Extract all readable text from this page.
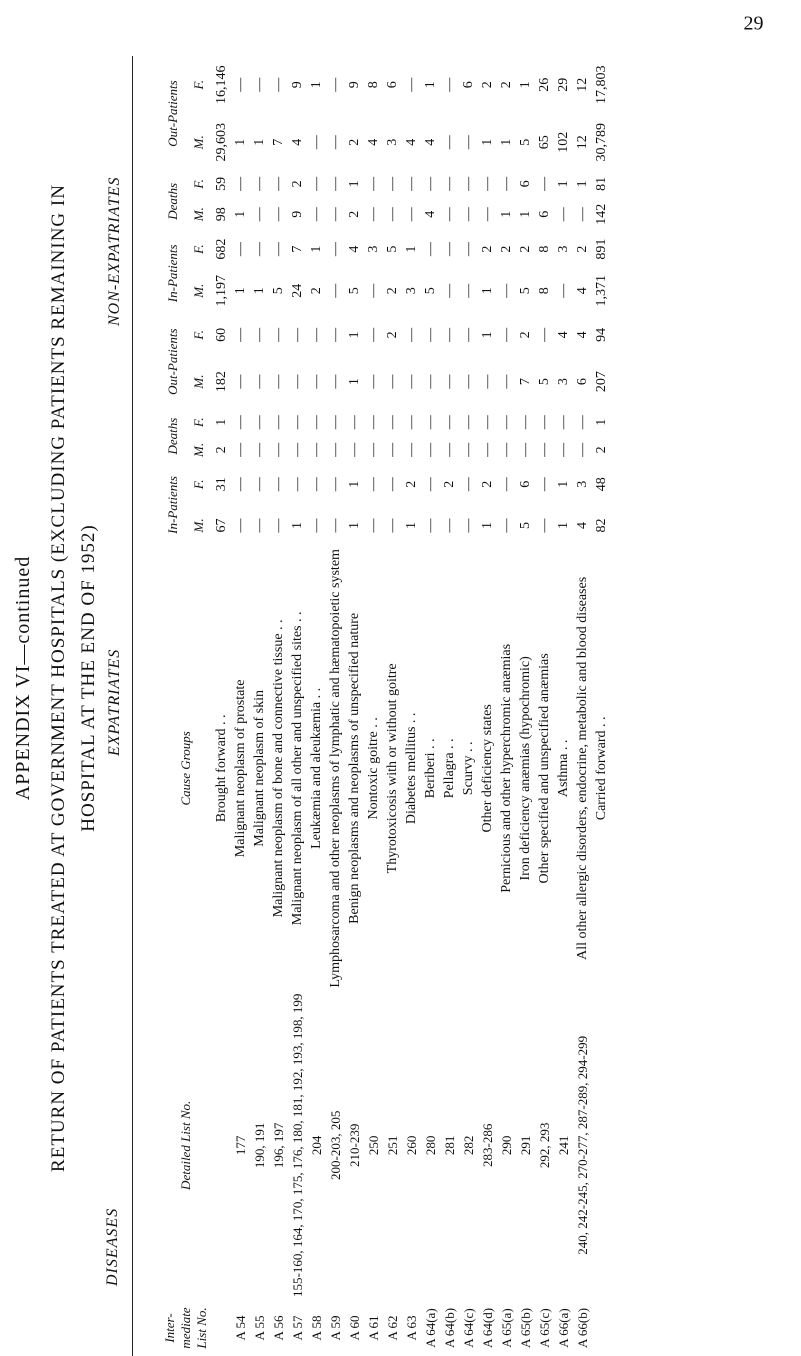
29
APPENDIX VI—continued RETURN OF PATIENTS TREATED AT GOVERNMENT HOSPITALS (EXCLUDING PATIENTS REMAINING IN HOSPITAL AT THE END OF 1952)
DISEASES
EXPATRIATES
NON-EXPATRIATES
Inter-mediate List No.	Detailed List No.	Cause Groups	In-Patients		Deaths		Out-Patients		In-Patients		Deaths		Out-Patients	
			M.	F.	M.	F.	M.	F.	M.	F.	M.	F.	M.	F.
		Brought forward . .	67	31	2	1	182	60	1,197	682	98	59	29,603	16,146
A 54	177	Malignant neoplasm of prostate	—	—	—	—	—	—	1	—	1	—	1	—
A 55	190, 191	Malignant neoplasm of skin	—	—	—	—	—	—	1	—	—	—	1	—
A 56	196, 197	Malignant neoplasm of bone and connective tissue . .	—	—	—	—	—	—	5	—	—	—	7	—
A 57	155-160, 164, 170, 175, 176, 180, 181, 192, 193, 198, 199	Malignant neoplasm of all other and unspecified sites . .	1	—	—	—	—	—	24	7	9	2	4	9
A 58	204	Leukæmia and aleukæmia . .	—	—	—	—	—	—	2	1	—	—	—	1
A 59	200-203, 205	Lymphosarcoma and other neoplasms of lymphatic and hæmatopoietic system	—	—	—	—	—	—	—	—	—	—	—	—
A 60	210-239	Benign neoplasms and neoplasms of unspecified nature	1	1	—	—	1	1	5	4	2	1	2	9
A 61	250	Nontoxic goitre . .	—	—	—	—	—	—	—	3	—	—	4	8
A 62	251	Thyrotoxicosis with or without goitre	—	—	—	—	—	2	2	5	—	—	3	6
A 63	260	Diabetes mellitus . .	1	2	—	—	—	—	3	1	—	—	4	—
A 64(a)	280	Beriberi . .	—	—	—	—	—	—	5	—	4	—	4	1
A 64(b)	281	Pellagra . .	—	2	—	—	—	—	—	—	—	—	—	—
A 64(c)	282	Scurvy . .	—	—	—	—	—	—	—	—	—	—	—	6
A 64(d)	283-286	Other deficiency states	1	2	—	—	—	1	1	2	—	—	1	2
A 65(a)	290	Pernicious and other hyperchromic anæmias	—	—	—	—	—	—	—	2	1	—	1	2
A 65(b)	291	Iron deficiency anæmias (hypochromic)	5	6	—	—	7	2	5	2	1	6	5	1
A 65(c)	292, 293	Other specified and unspecified anæmias	—	—	—	—	5	—	8	8	6	—	65	26
A 66(a)	241	Asthma . .	1	1	—	—	3	4	—	3	—	1	102	29
A 66(b)	240, 242-245, 270-277, 287-289, 294-299	All other allergic disorders, endocrine, metabolic and blood diseases	4	3	—	—	6	4	4	2	—	1	12	12
		Carried forward . .	82	48	2	1	207	94	1,371	891	142	81	30,789	17,803
